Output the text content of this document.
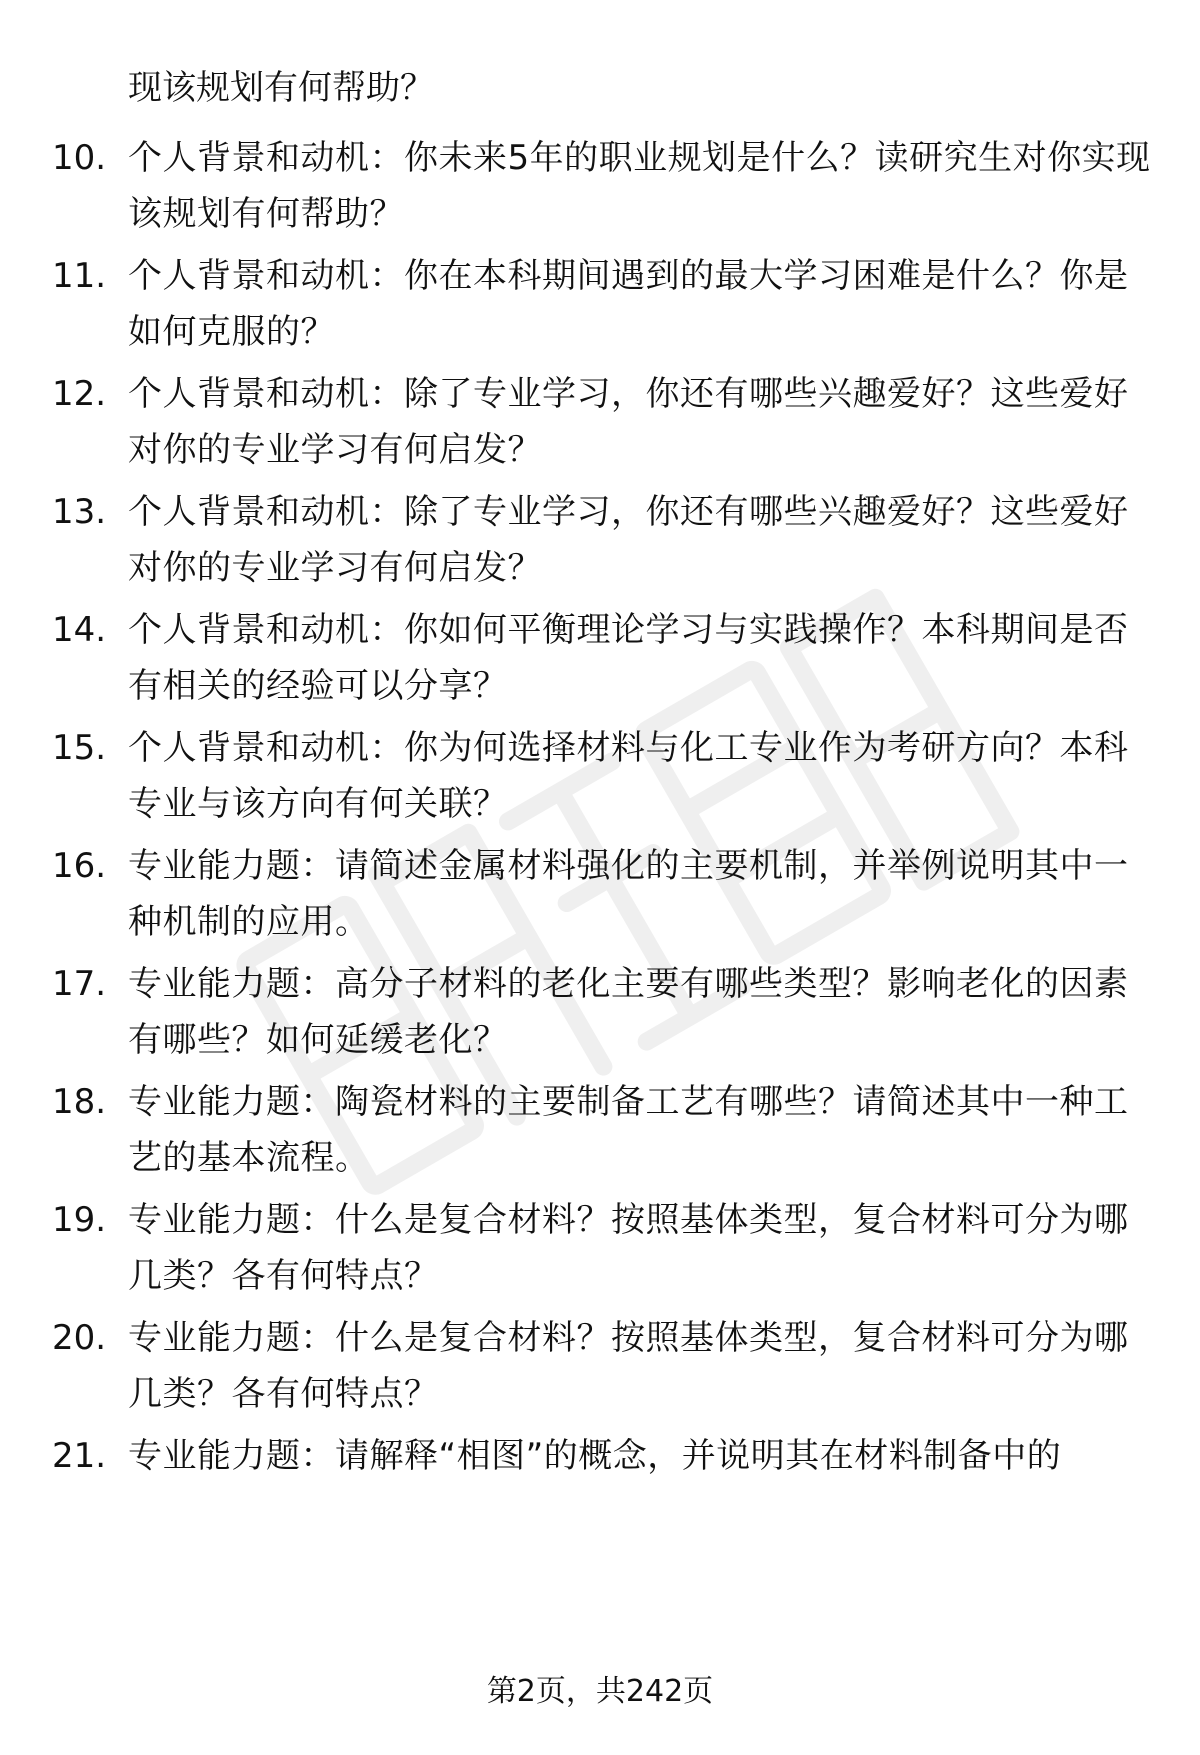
现该规划有何帮助？
10. 个人背景和动机：你未来5年的职业规划是什么？读研究生对你实现该规划有何帮助？
11. 个人背景和动机：你在本科期间遇到的最大学习困难是什么？你是如何克服的？
12. 个人背景和动机：除了专业学习，你还有哪些兴趣爱好？这些爱好对你的专业学习有何启发？
13. 个人背景和动机：除了专业学习，你还有哪些兴趣爱好？这些爱好对你的专业学习有何启发？
14. 个人背景和动机：你如何平衡理论学习与实践操作？本科期间是否有相关的经验可以分享？
15. 个人背景和动机：你为何选择材料与化工专业作为考研方向？本科专业与该方向有何关联？
16. 专业能力题：请简述金属材料强化的主要机制，并举例说明其中一种机制的应用。
17. 专业能力题：高分子材料的老化主要有哪些类型？影响老化的因素有哪些？如何延缓老化？
18. 专业能力题：陶瓷材料的主要制备工艺有哪些？请简述其中一种工艺的基本流程。
19. 专业能力题：什么是复合材料？按照基体类型，复合材料可分为哪几类？各有何特点？
20. 专业能力题：什么是复合材料？按照基体类型，复合材料可分为哪几类？各有何特点？
21. 专业能力题：请解释“相图”的概念，并说明其在材料制备中的
第2页，共242页
